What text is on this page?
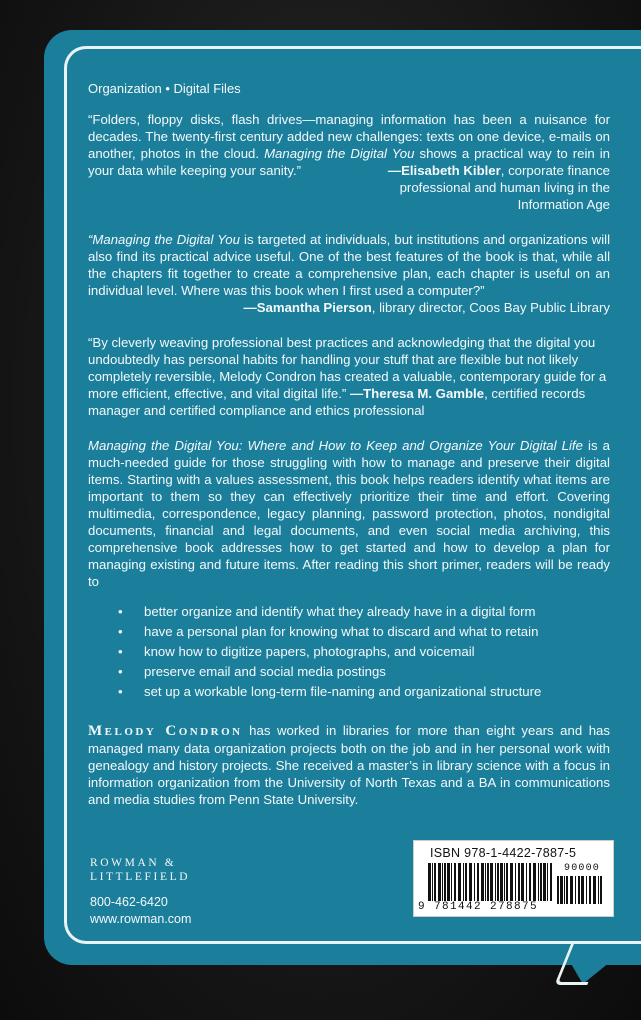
Organization • Digital Files

“Folders, floppy disks, flash drives—managing information has been a nuisance for decades. The twenty-first century added new challenges: texts on one device, e-mails on another, photos in the cloud. Managing the Digital You shows a practical way to rein in your data while keeping your sanity.”	—Elisabeth Kibler, corporate finance professional and human living in the Information Age

“Managing the Digital You is targeted at individuals, but institutions and organizations will also find its practical advice useful. One of the best features of the book is that, while all the chapters fit together to create a comprehensive plan, each chapter is useful on an individual level. Where was this book when I first used a computer?”

—Samantha Pierson, library director, Coos Bay Public Library

“By cleverly weaving professional best practices and acknowledging that the digital you undoubtedly has personal habits for handling your stuff that are flexible but not likely completely reversible, Melody Condron has created a valuable, contemporary guide for a more efficient, effective, and vital digital life.” —Theresa M. Gamble, certified records manager and certified compliance and ethics professional

Managing the Digital You: Where and How to Keep and Organize Your Digital Life is a much-needed guide for those struggling with how to manage and preserve their digital items. Starting with a values assessment, this book helps readers identify what items are important to them so they can effectively prioritize their time and effort. Covering multimedia, correspondence, legacy planning, password protection, photos, nondigital documents, financial and legal documents, and even social media archiving, this comprehensive book addresses how to get started and how to develop a plan for managing existing and future items. After reading this short primer, readers will be ready to

• better organize and identify what they already have in a digital form
• have a personal plan for knowing what to discard and what to retain
• know how to digitize papers, photographs, and voicemail
• preserve email and social media postings
• set up a workable long-term file-naming and organizational structure

Melody Condron has worked in libraries for more than eight years and has managed many data organization projects both on the job and in her personal work with genealogy and history projects. She received a master’s in library science with a focus in information organization from the University of North Texas and a BA in communications and media studies from Penn State University.

ROWMAN &
LITTLEFIELD
800-462-6420
www.rowman.com
ISBN 978-1-4422-7887-5
90000
9 781442 278875
